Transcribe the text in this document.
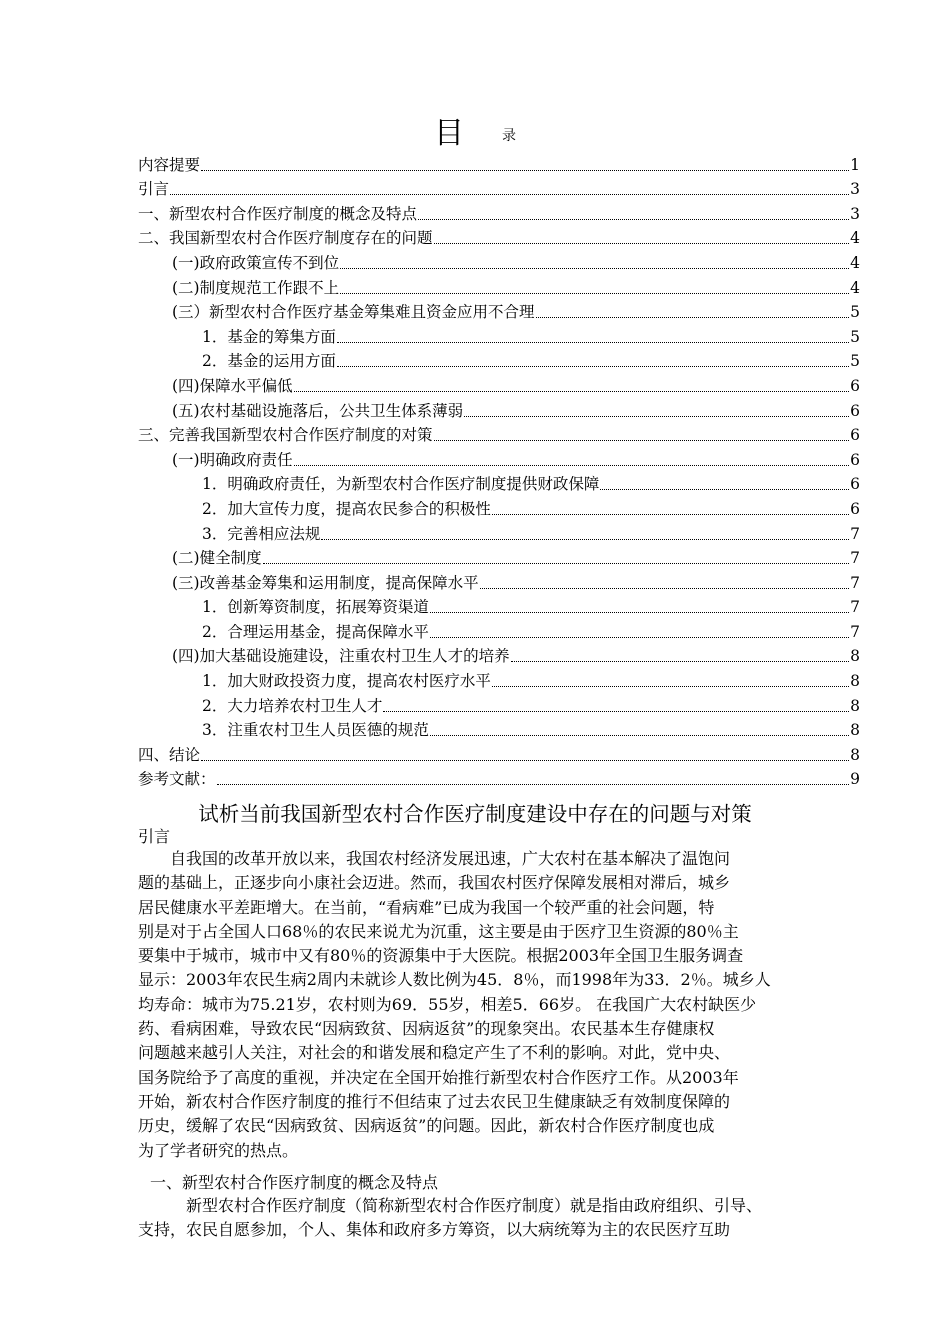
目	录
内容提要	1
引言	3
一、新型农村合作医疗制度的概念及特点	3
二、我国新型农村合作医疗制度存在的问题	4
(一)政府政策宣传不到位	4
(二)制度规范工作跟不上	4
(三）新型农村合作医疗基金筹集难且资金应用不合理	5
1．基金的筹集方面	5
2．基金的运用方面	5
(四)保障水平偏低	6
(五)农村基础设施落后，公共卫生体系薄弱	6
三、完善我国新型农村合作医疗制度的对策	6
(一)明确政府责任	6
1．明确政府责任，为新型农村合作医疗制度提供财政保障	6
2．加大宣传力度，提高农民参合的积极性	6
3．完善相应法规	7
(二)健全制度	7
(三)改善基金筹集和运用制度，提高保障水平	7
1．创新筹资制度，拓展筹资渠道	7
2．合理运用基金，提高保障水平	7
(四)加大基础设施建设，注重农村卫生人才的培养	8
1．加大财政投资力度，提高农村医疗水平	8
2．大力培养农村卫生人才	8
3．注重农村卫生人员医德的规范	8
四、结论	8
参考文献：	9
试析当前我国新型农村合作医疗制度建设中存在的问题与对策
引言
自我国的改革开放以来，我国农村经济发展迅速，广大农村在基本解决了温饱问
题的基础上，正逐步向小康社会迈进。然而，我国农村医疗保障发展相对滞后，城乡
居民健康水平差距增大。在当前，“看病难”已成为我国一个较严重的社会问题，特
别是对于占全国人口68％的农民来说尤为沉重，这主要是由于医疗卫生资源的80％主
要集中于城市，城市中又有80％的资源集中于大医院。根据2003年全国卫生服务调查
显示：2003年农民生病2周内未就诊人数比例为45．8％，而1998年为33．2％。城乡人
均寿命：城市为75.21岁，农村则为69．55岁，相差5．66岁。 在我国广大农村缺医少
药、看病困难，导致农民“因病致贫、因病返贫”的现象突出。农民基本生存健康权
问题越来越引人关注，对社会的和谐发展和稳定产生了不利的影响。对此，党中央、
国务院给予了高度的重视，并决定在全国开始推行新型农村合作医疗工作。从2003年
开始，新农村合作医疗制度的推行不但结束了过去农民卫生健康缺乏有效制度保障的
历史，缓解了农民“因病致贫、因病返贫”的问题。因此，新农村合作医疗制度也成
为了学者研究的热点。
一、新型农村合作医疗制度的概念及特点
新型农村合作医疗制度（简称新型农村合作医疗制度）就是指由政府组织、引导、
支持，农民自愿参加，个人、集体和政府多方筹资，以大病统筹为主的农民医疗互助
